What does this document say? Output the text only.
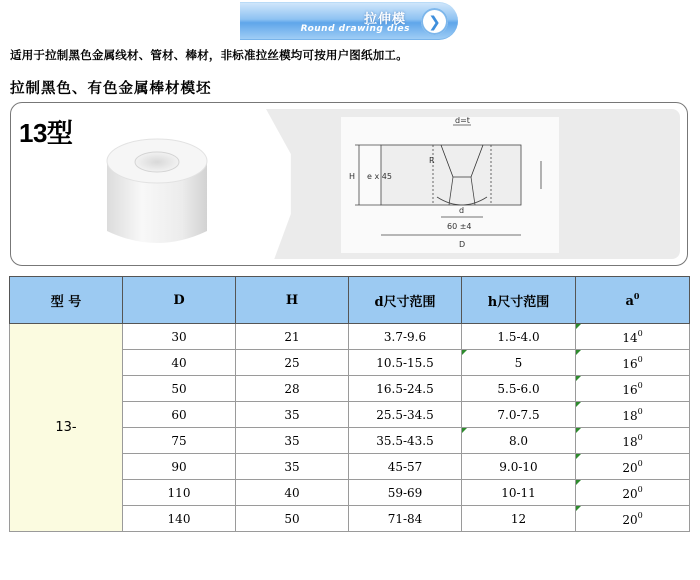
拉伸模
Round drawing dies	❯
适用于拉制黑色金属线材、管材、棒材，非标准拉丝模均可按用户图纸加工。
拉制黑色、有色金属棒材模坯
13型	d=t
R
e x 45
H
d
60 ±4
D
型 号	D	H	d尺寸范围	h尺寸范围	$a^0$
13-	30	21	3.7-9.6	1.5-4.0	$14^0$
	40	25	10.5-15.5	5	$16^0$
	50	28	16.5-24.5	5.5-6.0	$16^0$
	60	35	25.5-34.5	7.0-7.5	$18^0$
	75	35	35.5-43.5	8.0	$18^0$
	90	35	45-57	9.0-10	$20^0$
	110	40	59-69	10-11	$20^0$
	140	50	71-84	12	$20^0$
